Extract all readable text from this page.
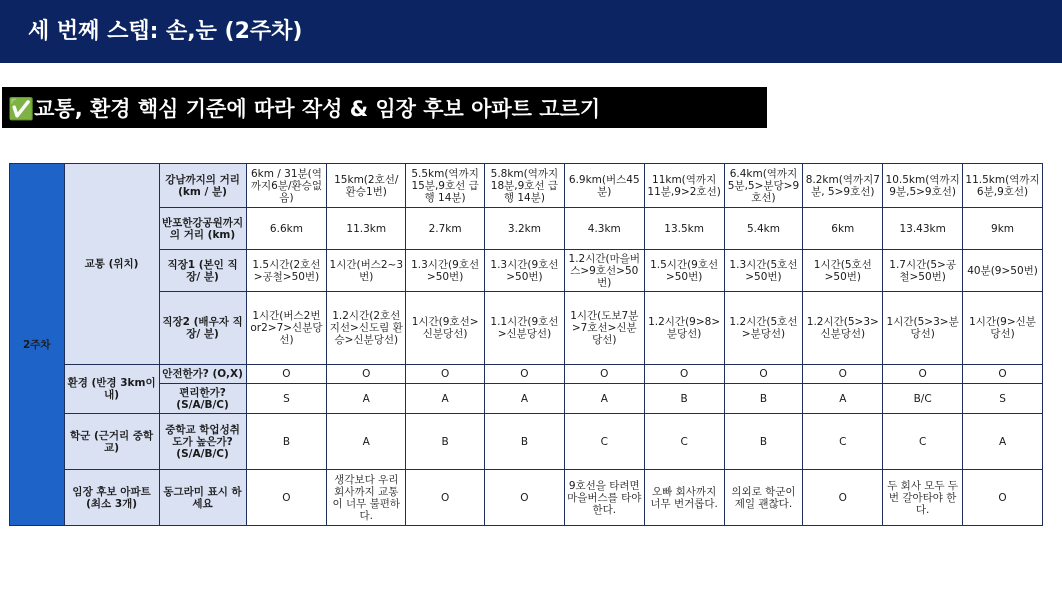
세 번째 스텝: 손,눈 (2주차)
✅교통, 환경 핵심 기준에 따라 작성 & 임장 후보 아파트 고르기
2주차	교통 (위치)	강남까지의 거리 (km / 분)	6km / 31분(역까지6분/환승없음)	15km(2호선/환승1번)	5.5km(역까지15분,9호선 급행 14분)	5.8km(역까지18분,9호선 급행 14분)	6.9km(버스45분)	11km(역까지11분,9>2호선)	6.4km(역까지5분,5>분당>9호선)	8.2km(역까지7분, 5>9호선)	10.5km(역까지9분,5>9호선)	11.5km(역까지6분,9호선)
		반포한강공원까지의 거리 (km)	6.6km	11.3km	2.7km	3.2km	4.3km	13.5km	5.4km	6km	13.43km	9km
		직장1 (본인 직장/ 분)	1.5시간(2호선>공철>50번)	1시간(버스2~3번)	1.3시간(9호선>50번)	1.3시간(9호선>50번)	1.2시간(마을버스>9호선>50번)	1.5시간(9호선>50번)	1.3시간(5호선>50번)	1시간(5호선>50번)	1.7시간(5>공철>50번)	40분(9>50번)
		직장2 (배우자 직장/ 분)	1시간(버스2번or2>7>신분당선)	1.2시간(2호선 지선>신도림 환승>신분당선)	1시간(9호선>신분당선)	1.1시간(9호선>신분당선)	1시간(도보7분>7호선>신분당선)	1.2시간(9>8>분당선)	1.2시간(5호선>분당선)	1.2시간(5>3>신분당선)	1시간(5>3>분당선)	1시간(9>신분당선)
	환경 (반경 3km이내)	안전한가? (O,X)	O	O	O	O	O	O	O	O	O	O
		편리한가? (S/A/B/C)	S	A	A	A	A	B	B	A	B/C	S
	학군 (근거리 중학교)	중학교 학업성취도가 높은가? (S/A/B/C)	B	A	B	B	C	C	B	C	C	A
	임장 후보 아파트 (최소 3개)	동그라미 표시 하세요	O	생각보다 우리 회사까지 교통이 너무 불편하다.	O	O	9호선을 타려면 마을버스를 타야한다.	오빠 회사까지 너무 번거롭다.	의외로 학군이 제일 괜찮다.	O	두 회사 모두 두번 갈아타야 한다.	O
